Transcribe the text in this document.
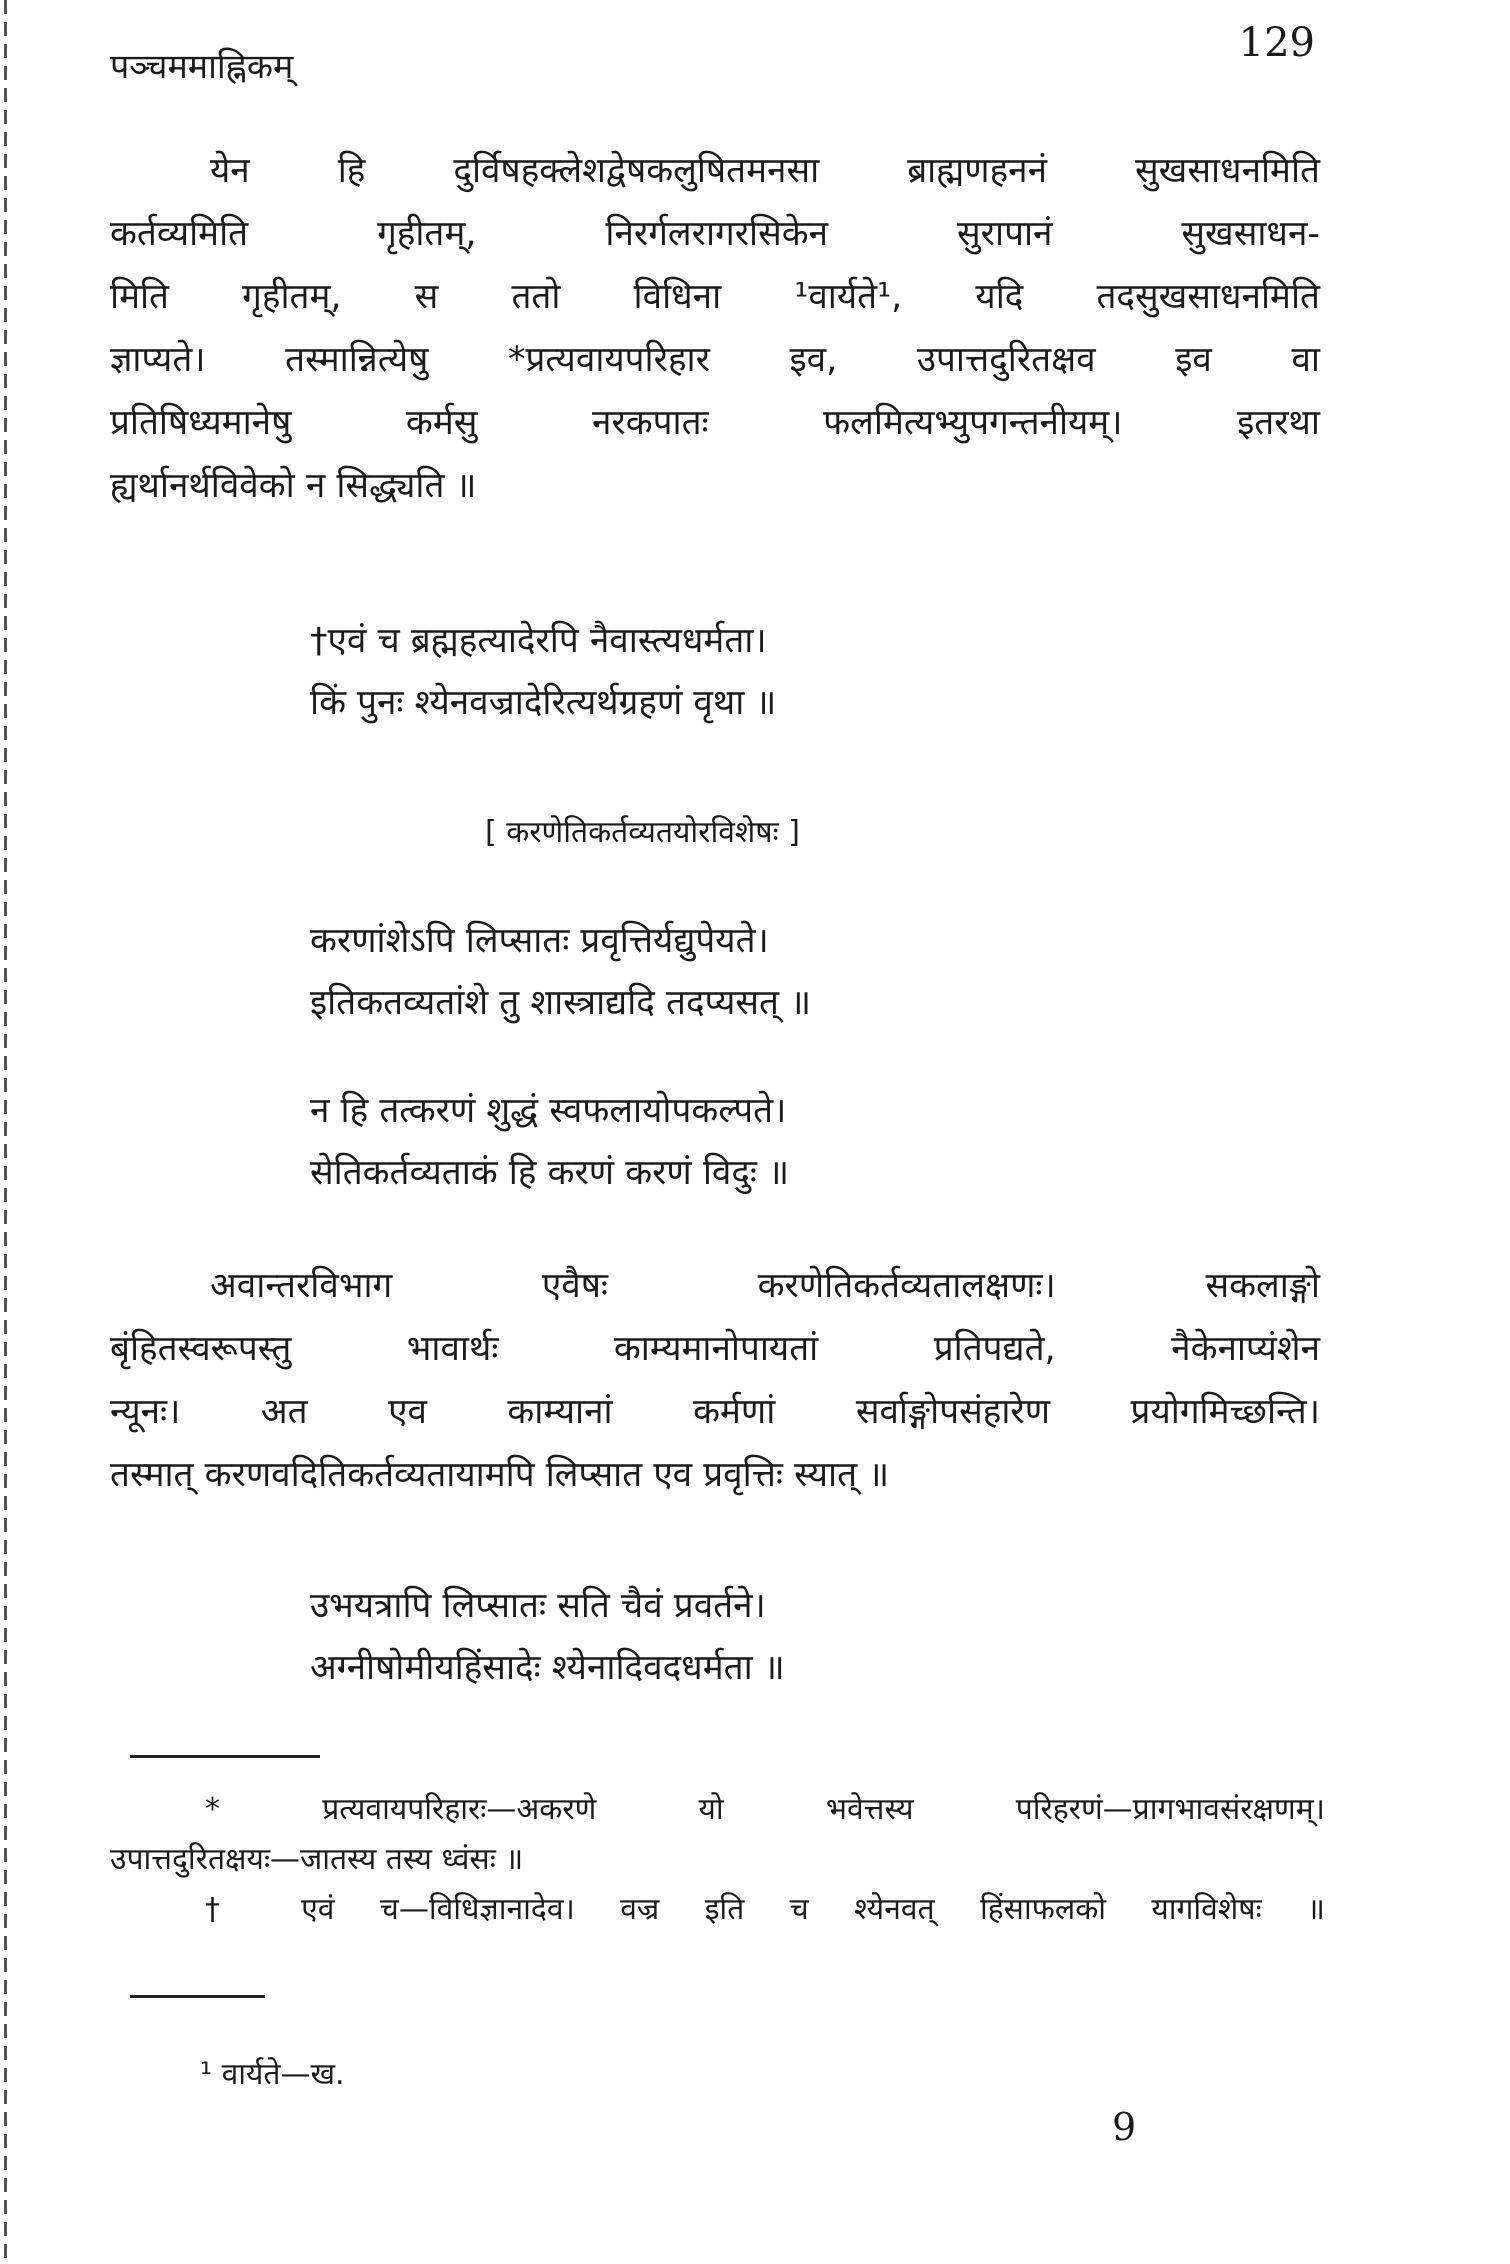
पञ्चममाह्निकम्
129
येन हि दुर्विषहक्लेशद्वेषकलुषितमनसा ब्राह्मणहननं सुखसाधनमिति
कर्तव्यमिति गृहीतम्, निरर्गलरागरसिकेन सुरापानं सुखसाधन-
मिति गृहीतम्, स ततो विधिना ¹वार्यते¹, यदि तदसुखसाधनमिति
ज्ञाप्यते। तस्मान्नित्येषु *प्रत्यवायपरिहार इव, उपात्तदुरितक्षव इव वा
प्रतिषिध्यमानेषु कर्मसु नरकपातः फलमित्यभ्युपगन्तनीयम्। इतरथा
ह्यर्थानर्थविवेको न सिद्ध्यति ॥
†एवं च ब्रह्महत्यादेरपि नैवास्त्यधर्मता।
किं पुनः श्येनवज्रादेरित्यर्थग्रहणं वृथा ॥
[ करणेतिकर्तव्यतयोरविशेषः ]
करणांशेऽपि लिप्सातः प्रवृत्तिर्यद्युपेयते।
इतिकतव्यतांशे तु शास्त्राद्यदि तदप्यसत् ॥
न हि तत्करणं शुद्धं स्वफलायोपकल्पते।
सेतिकर्तव्यताकं हि करणं करणं विदुः ॥
अवान्तरविभाग एवैषः करणेतिकर्तव्यतालक्षणः। सकलाङ्गो
बृंहितस्वरूपस्तु भावार्थः काम्यमानोपायतां प्रतिपद्यते, नैकेनाप्यंशेन
न्यूनः। अत एव काम्यानां कर्मणां सर्वाङ्गोपसंहारेण प्रयोगमिच्छन्ति।
तस्मात् करणवदितिकर्तव्यतायामपि लिप्सात एव प्रवृत्तिः स्यात् ॥
उभयत्रापि लिप्सातः सति चैवं प्रवर्तने।
अग्नीषोमीयहिंसादेः श्येनादिवदधर्मता ॥
* प्रत्यवायपरिहारः—अकरणे यो भवेत्तस्य परिहरणं—प्रागभावसंरक्षणम्।
उपात्तदुरितक्षयः—जातस्य तस्य ध्वंसः ॥
† एवं च—विधिज्ञानादेव। वज्र इति च श्येनवत् हिंसाफलको यागविशेषः ॥
¹ वार्यते—ख.
9
